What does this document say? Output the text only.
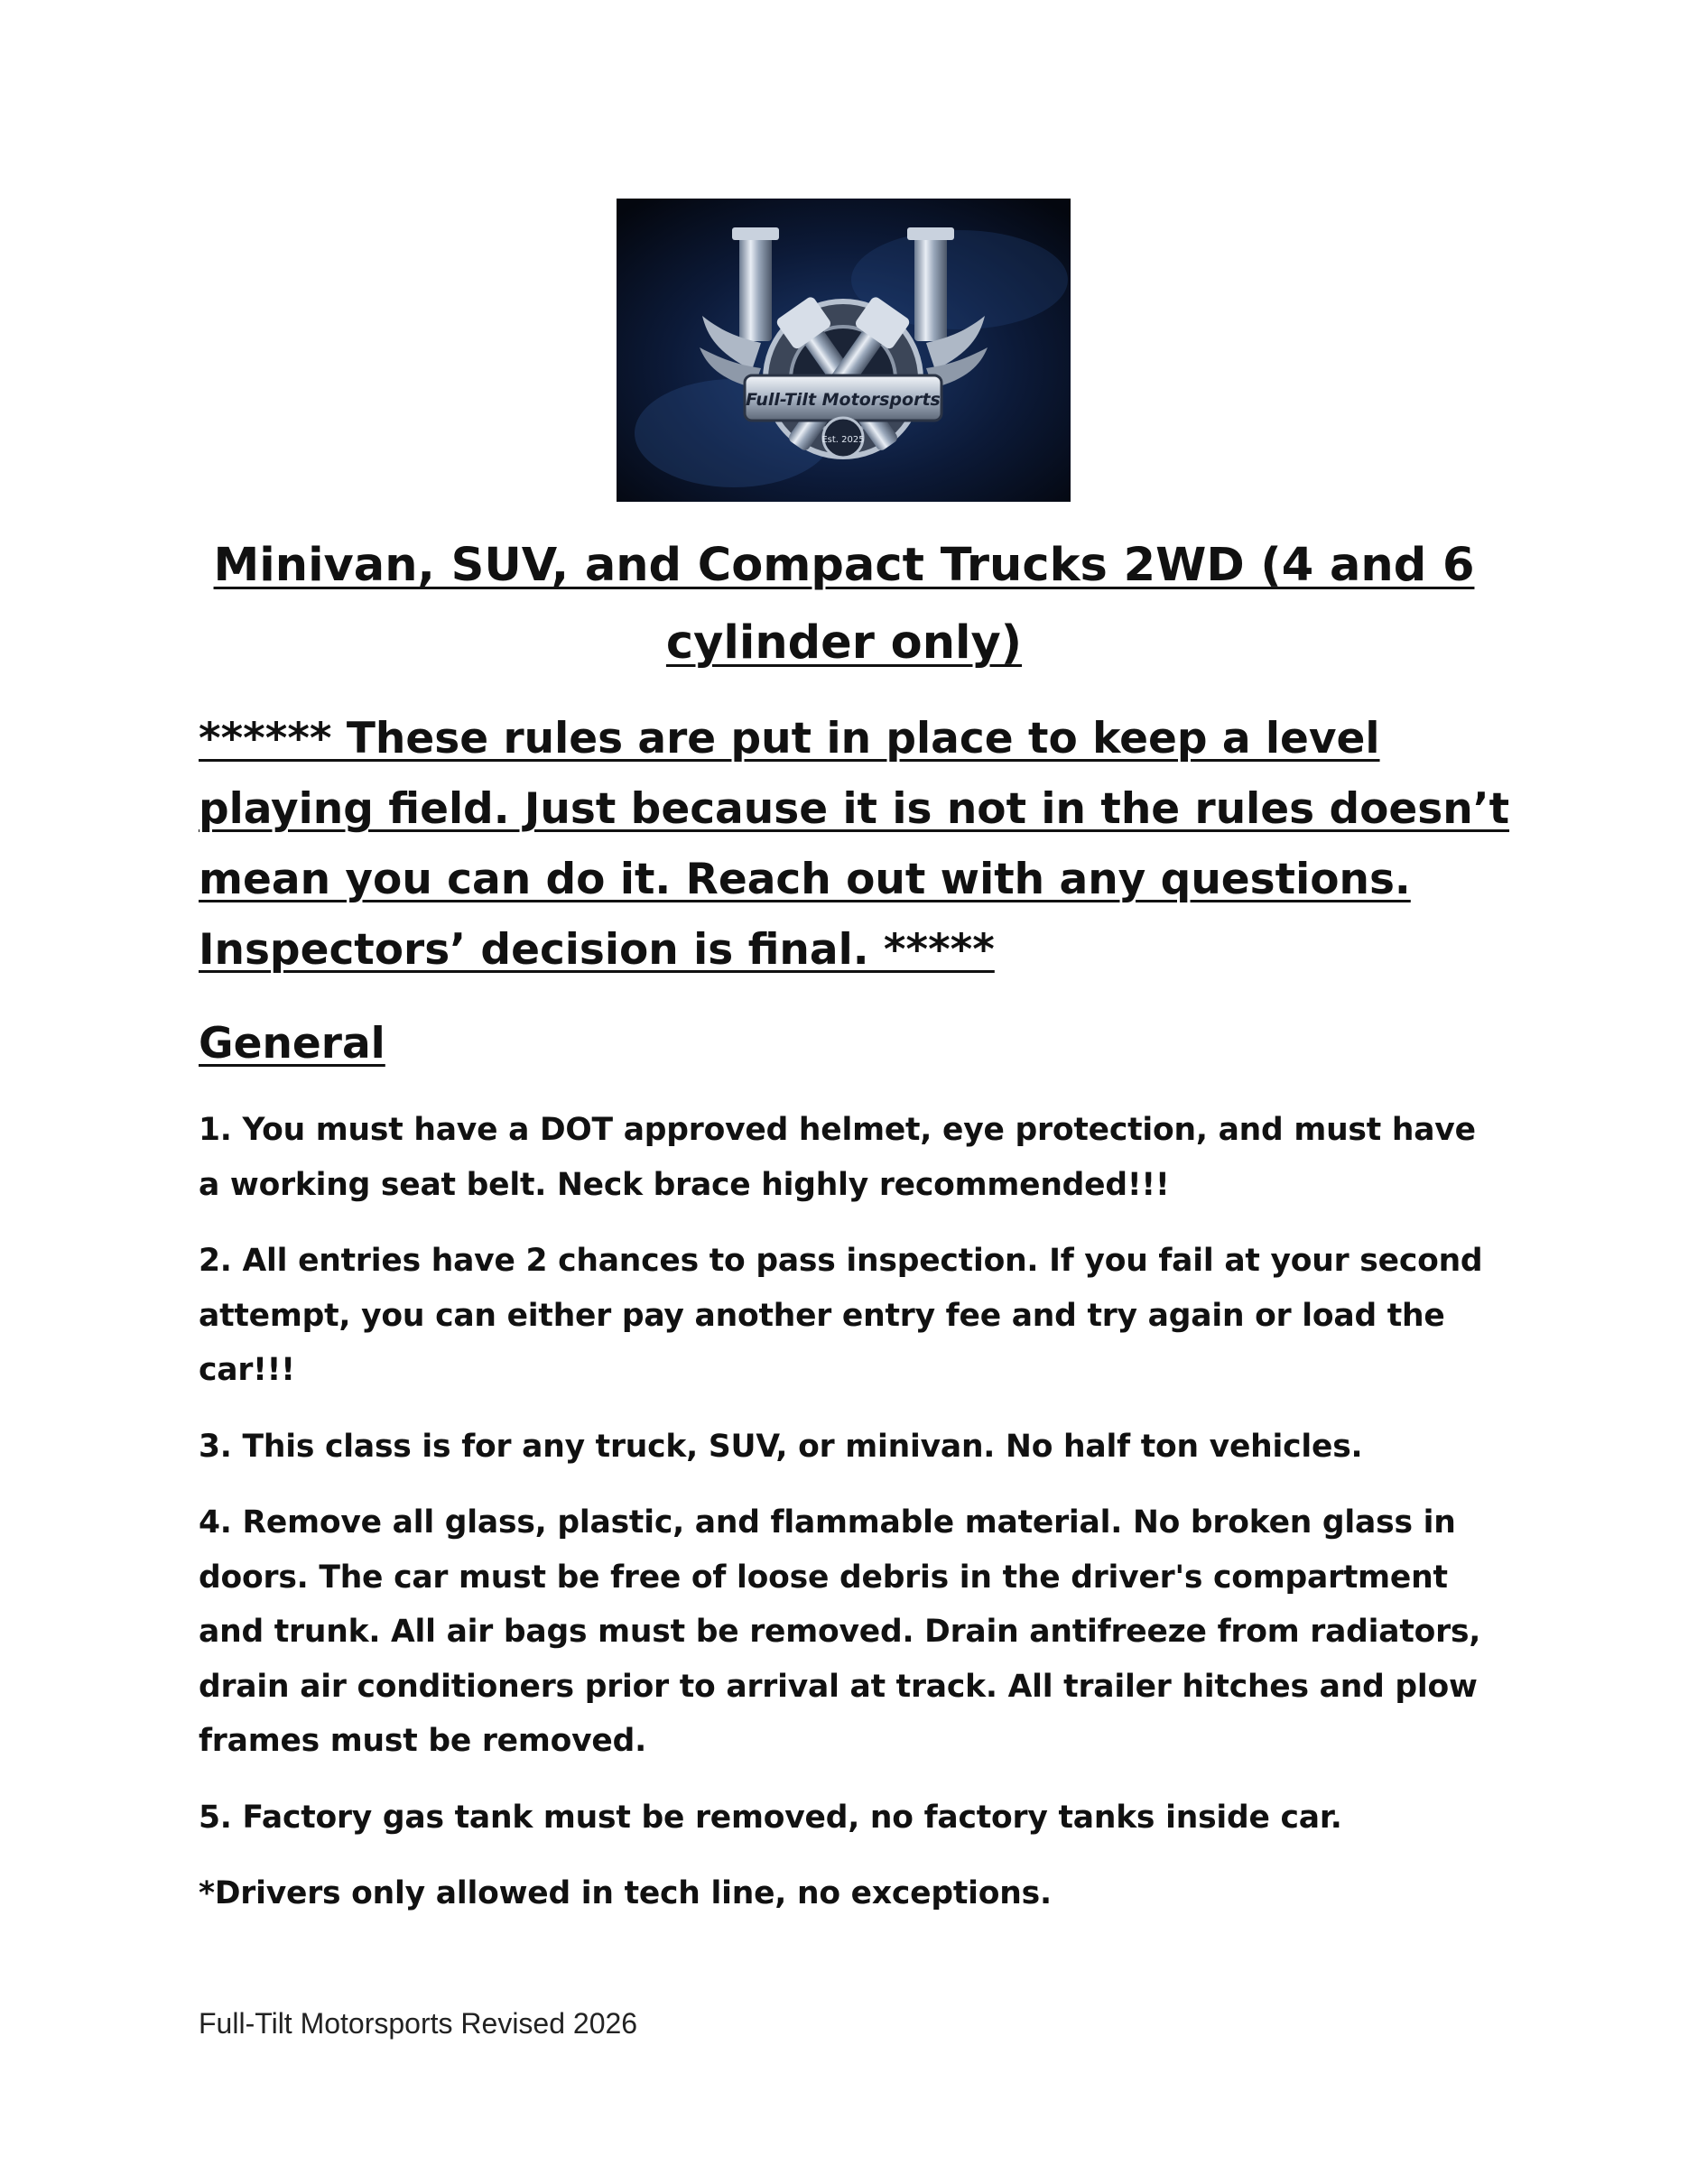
Full-Tilt Motorsports
Est. 2025
Minivan, SUV, and Compact Trucks 2WD (4 and 6 cylinder only)

****** These rules are put in place to keep a level playing field. Just because it is not in the rules doesn’t mean you can do it. Reach out with any questions. Inspectors’ decision is final. *****

General
1. You must have a DOT approved helmet, eye protection, and must have a working seat belt. Neck brace highly recommended!!!
2. All entries have 2 chances to pass inspection. If you fail at your second attempt, you can either pay another entry fee and try again or load the car!!!
3. This class is for any truck, SUV, or minivan. No half ton vehicles.
4. Remove all glass, plastic, and flammable material. No broken glass in doors. The car must be free of loose debris in the driver's compartment and trunk. All air bags must be removed. Drain antifreeze from radiators, drain air conditioners prior to arrival at track. All trailer hitches and plow frames must be removed.
5. Factory gas tank must be removed, no factory tanks inside car.
*Drivers only allowed in tech line, no exceptions.

Full-Tilt Motorsports Revised 2026
